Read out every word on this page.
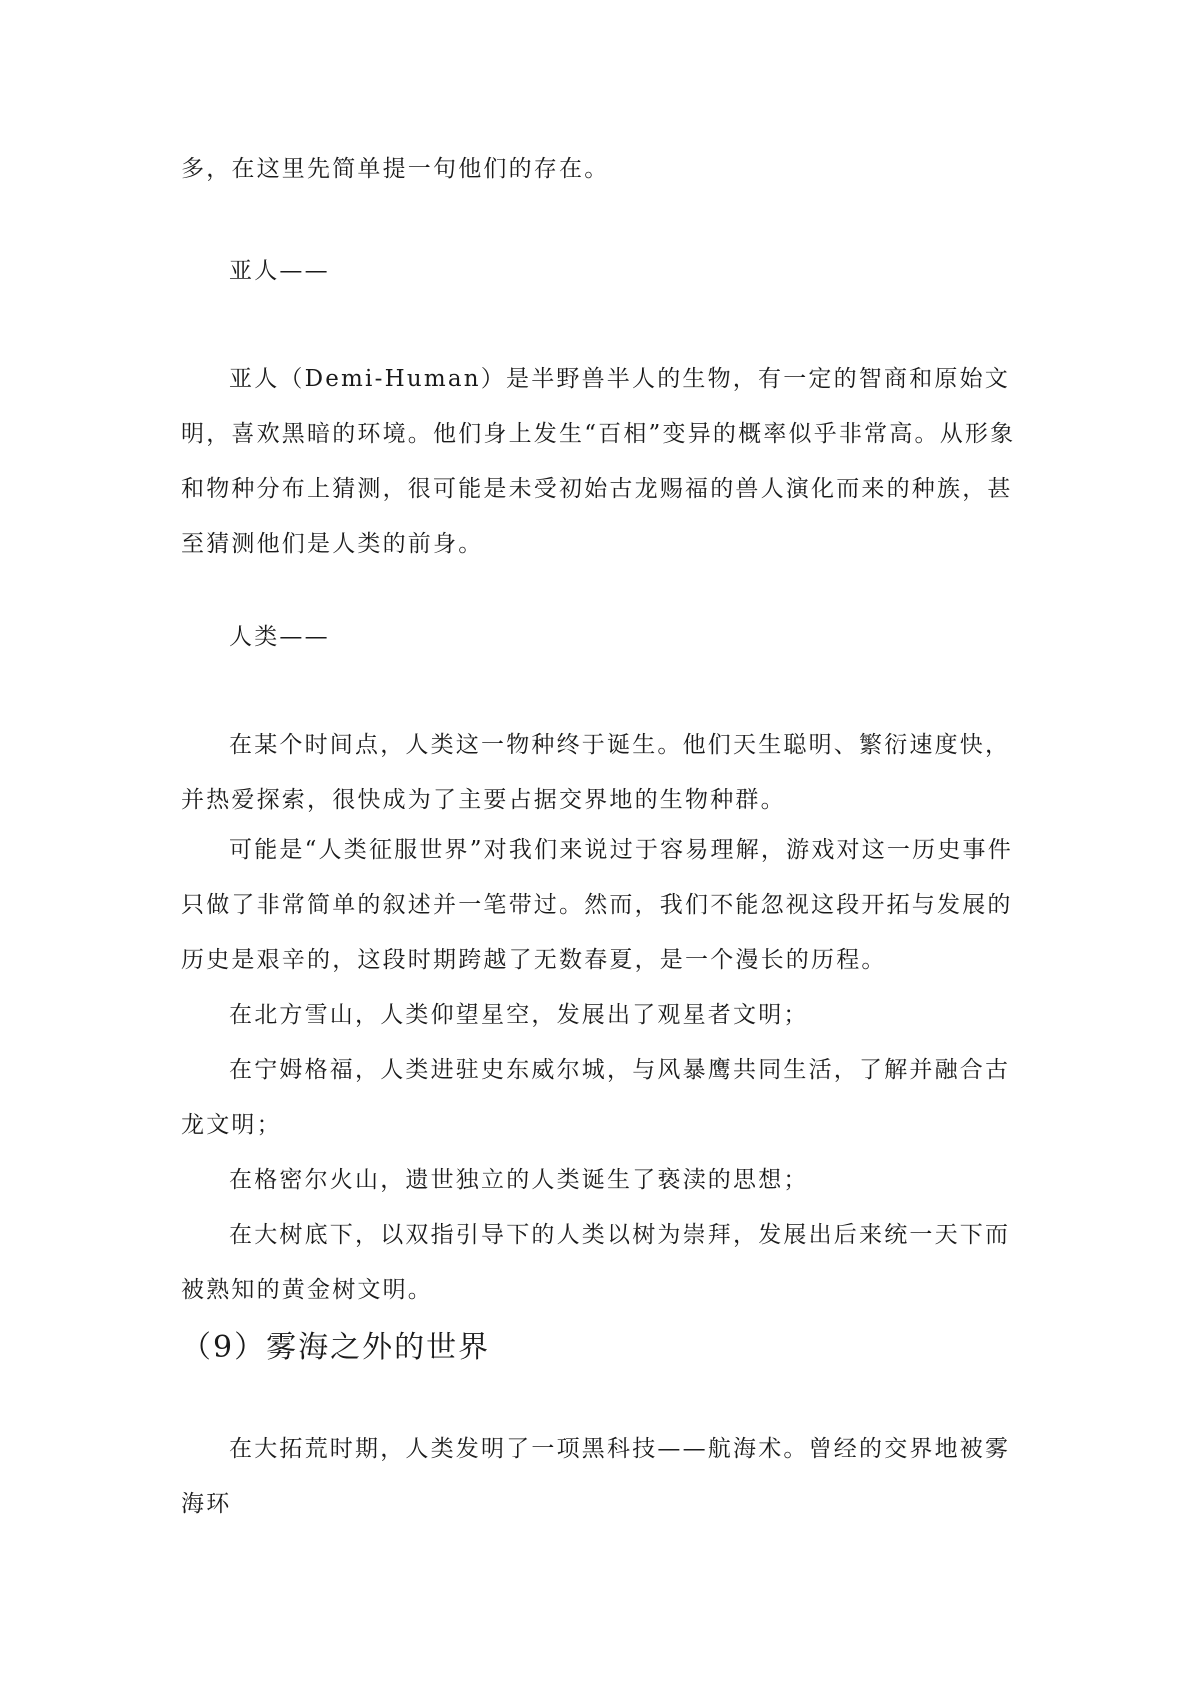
多，在这里先简单提一句他们的存在。

亚人——

亚人（Demi-Human）是半野兽半人的生物，有一定的智商和原始文明，喜欢黑暗的环境。他们身上发生“百相”变异的概率似乎非常高。从形象和物种分布上猜测，很可能是未受初始古龙赐福的兽人演化而来的种族，甚至猜测他们是人类的前身。

人类——

在某个时间点，人类这一物种终于诞生。他们天生聪明、繁衍速度快，并热爱探索，很快成为了主要占据交界地的生物种群。

可能是“人类征服世界”对我们来说过于容易理解，游戏对这一历史事件只做了非常简单的叙述并一笔带过。然而，我们不能忽视这段开拓与发展的历史是艰辛的，这段时期跨越了无数春夏，是一个漫长的历程。

在北方雪山，人类仰望星空，发展出了观星者文明；

在宁姆格福，人类进驻史东威尔城，与风暴鹰共同生活，了解并融合古龙文明；

在格密尔火山，遗世独立的人类诞生了亵渎的思想；

在大树底下，以双指引导下的人类以树为崇拜，发展出后来统一天下而被熟知的黄金树文明。

（9）雾海之外的世界

在大拓荒时期，人类发明了一项黑科技——航海术。曾经的交界地被雾海环
